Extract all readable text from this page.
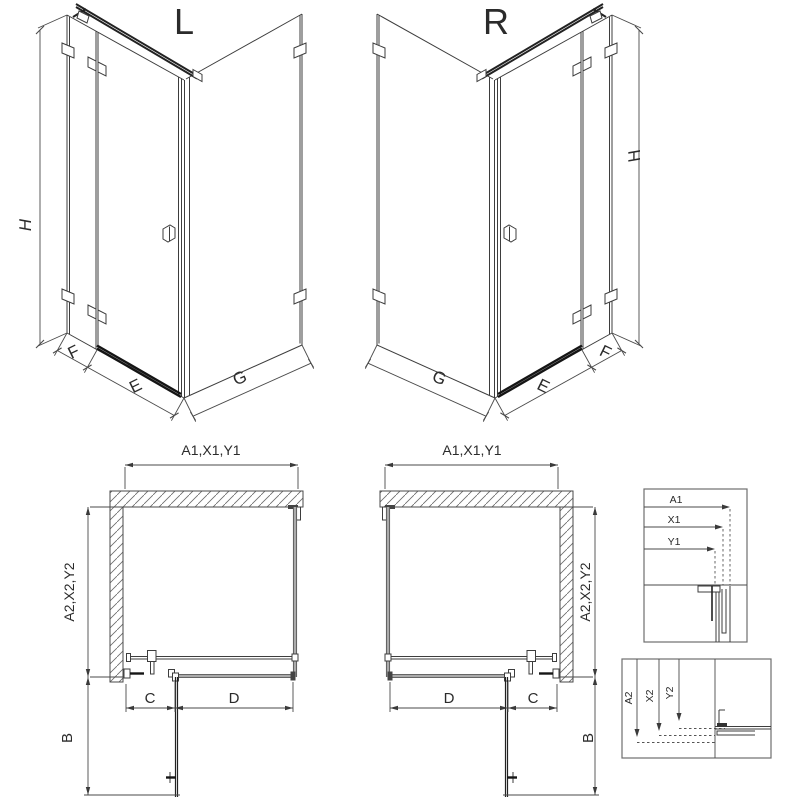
L
H
F
E	G
R
H
G	E
F
A1,X1,Y1
A2,X2,Y2
C	D
B
A1,X1,Y1
A2,X2,Y2
D	C
B
A1
X1
Y1
A2 X2 Y2
